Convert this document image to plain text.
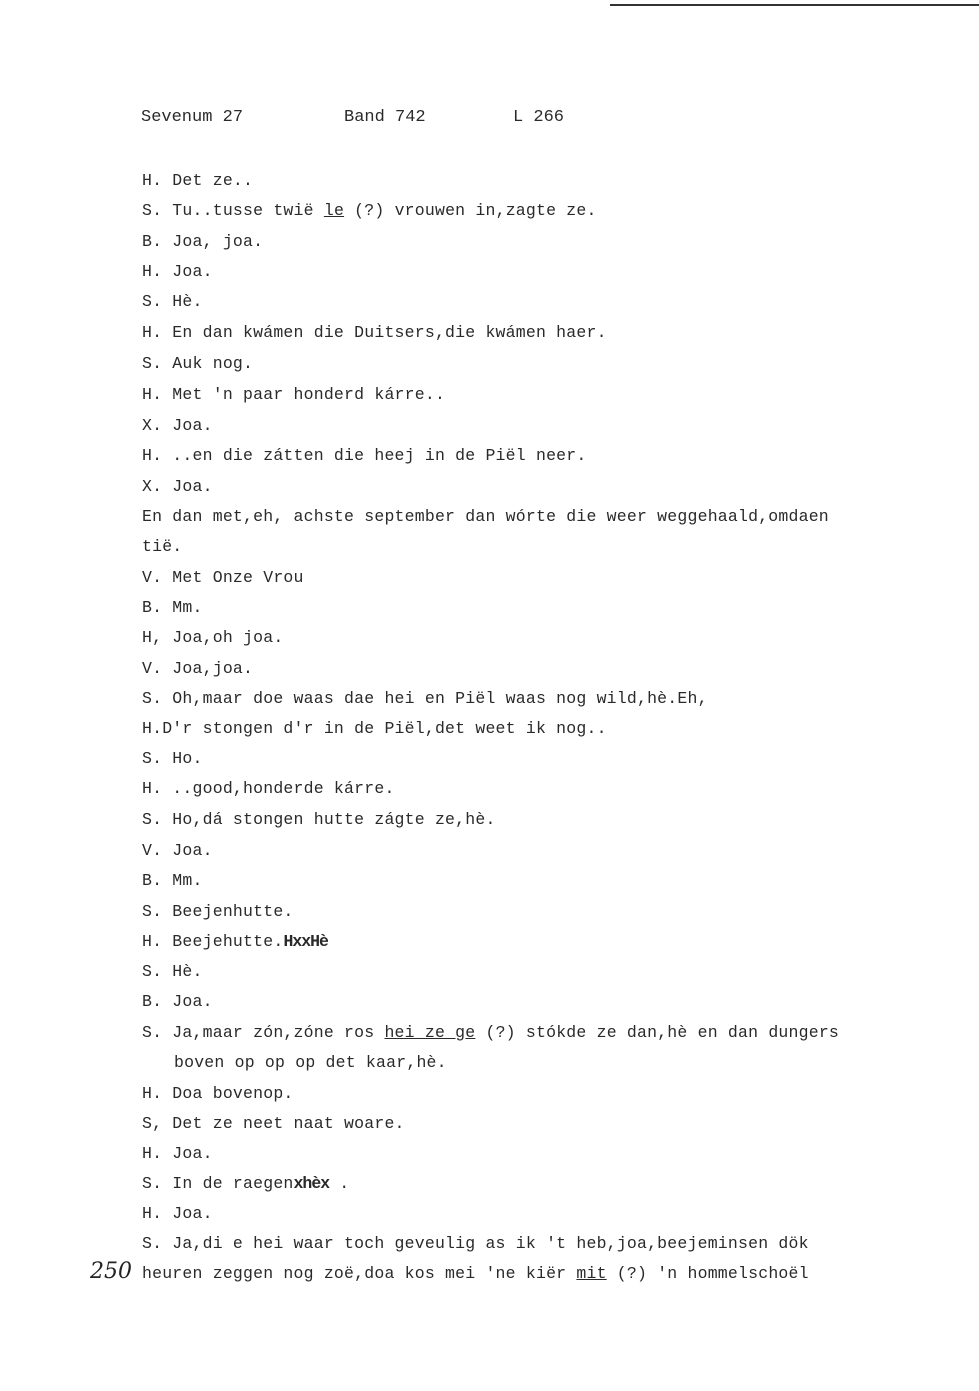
Sevenum 27	Band 742	L 266
H. Det ze..
S. Tu..tusse twië le (?) vrouwen in,zagte ze.
B. Joa, joa.
H. Joa.
S. Hè.
H. En dan kwámen die Duitsers,die kwámen haer.
S. Auk nog.
H. Met 'n paar honderd kárre..
X. Joa.
H. ..en die zátten die heej in de Piël neer.
X. Joa.
En dan met,eh, achste september dan wórte die weer weggehaald,omdaen
tië.
V. Met Onze Vrou
B. Mm.
H, Joa,oh joa.
V. Joa,joa.
S. Oh,maar doe waas dae hei en Piël waas nog wild,hè.Eh,
H.D'r stongen d'r in de Piël,det weet ik nog..
S. Ho.
H. ..good,honderde kárre.
S. Ho,dá stongen hutte zágte ze,hè.
V. Joa.
B. Mm.
S. Beejenhutte.
H. Beejehutte.HxxHè
S. Hè.
B. Joa.
S. Ja,maar zón,zóne ros hei ze ge (?) stókde ze dan,hè en dan dungers
boven op op op det kaar,hè.
H. Doa bovenop.
S, Det ze neet naat woare.
H. Joa.
S. In de raegenxhèx .
H. Joa.
S. Ja,di e hei waar toch geveulig as ik 't heb,joa,beejeminsen dök
heuren zeggen nog zoë,doa kos mei 'ne kiër mit (?) 'n hommelschoël
250
